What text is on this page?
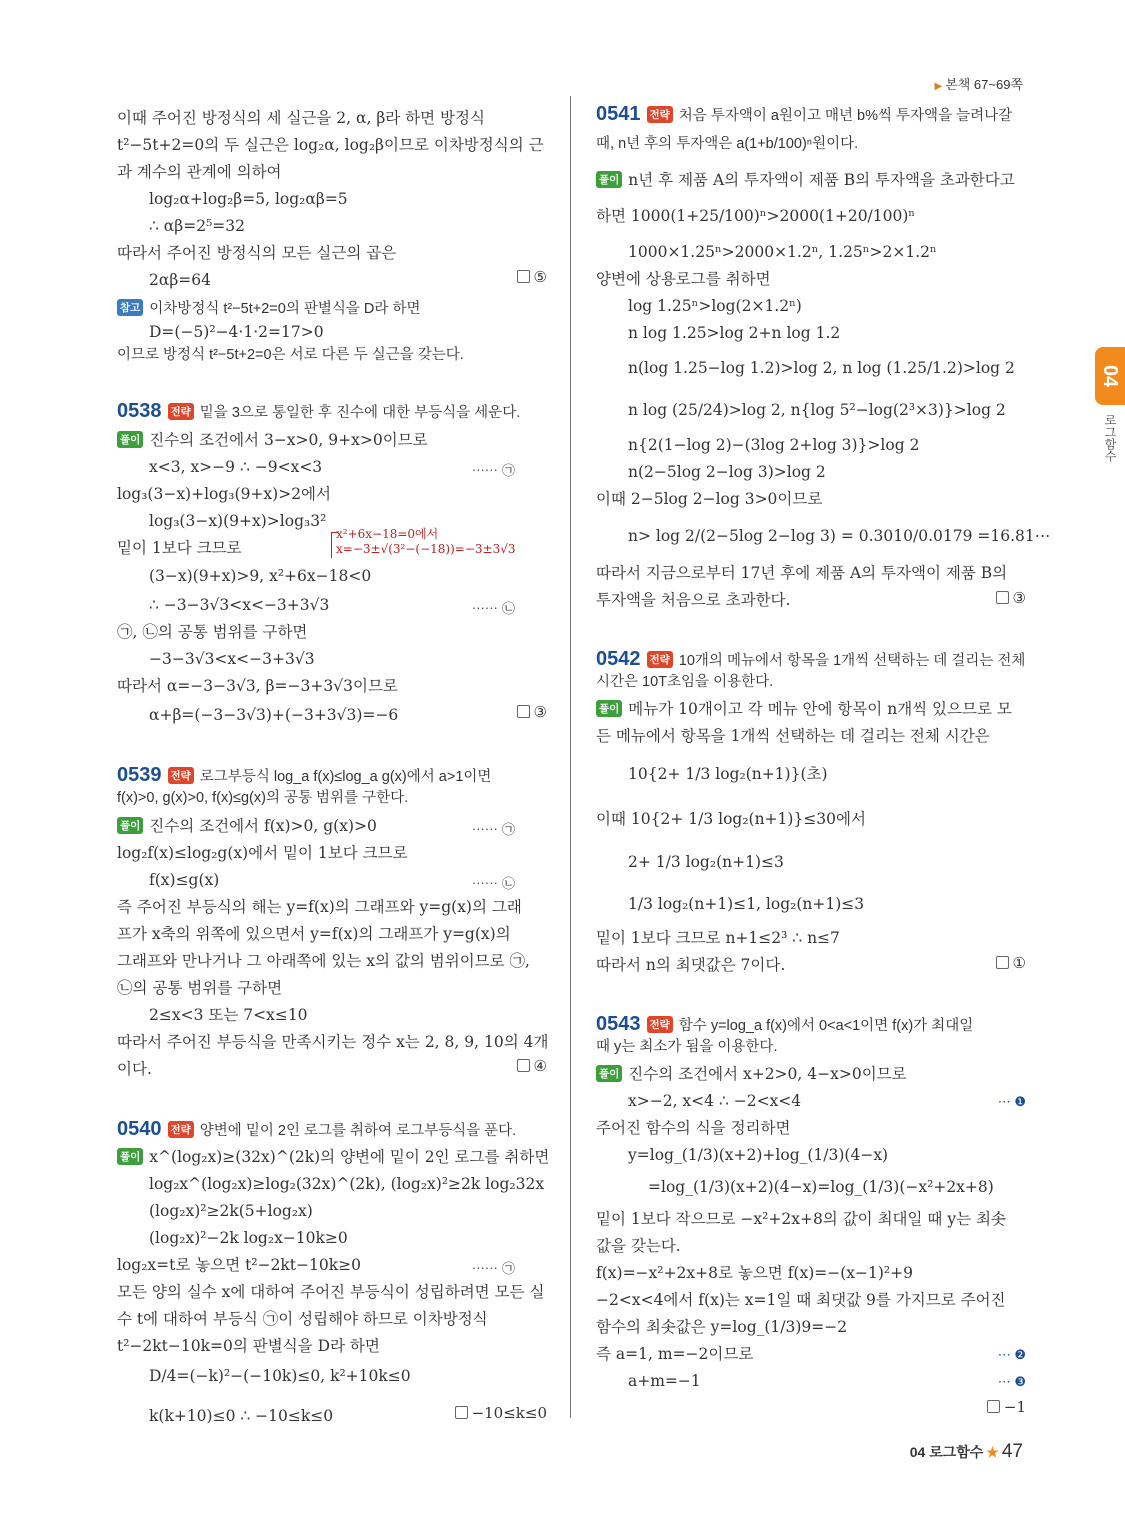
▶ 본책 67~69쪽
이때 주어진 방정식의 세 실근을 2, α, β라 하면 방정식
t²−5t+2=0의 두 실근은 log₂α, log₂β이므로 이차방정식의 근
과 계수의 관계에 의하여
log₂α+log₂β=5, log₂αβ=5
∴ αβ=2⁵=32
따라서 주어진 방정식의 모든 실근의 곱은
2αβ=64
참고 이차방정식 t²−5t+2=0의 판별식을 D라 하면
D=(−5)²−4·1·2=17>0
이므로 방정식 t²−5t+2=0은 서로 다른 두 실근을 갖는다.
0538 전략 밑을 3으로 통일한 후 진수에 대한 부등식을 세운다.
풀이 진수의 조건에서 3−x>0, 9+x>0이므로
x<3, x>−9 ∴ −9<x<3
log₃(3−x)+log₃(9+x)>2에서
log₃(3−x)(9+x)>log₃3²
밑이 1보다 크므로
(3−x)(9+x)>9, x²+6x−18<0
∴ −3−3√3<x<−3+3√3
㉠, ㉡의 공통 범위를 구하면
−3−3√3<x<−3+3√3
따라서 α=−3−3√3, β=−3+3√3이므로
α+β=(−3−3√3)+(−3+3√3)=−6
0539 전략 로그부등식 log_a f(x)≤log_a g(x)에서 a>1이면
f(x)>0, g(x)>0, f(x)≤g(x)의 공통 범위를 구한다.
풀이 진수의 조건에서 f(x)>0, g(x)>0
log₂f(x)≤log₂g(x)에서 밑이 1보다 크므로
f(x)≤g(x)
즉 주어진 부등식의 해는 y=f(x)의 그래프와 y=g(x)의 그래
프가 x축의 위쪽에 있으면서 y=f(x)의 그래프가 y=g(x)의
그래프와 만나거나 그 아래쪽에 있는 x의 값의 범위이므로 ㉠,
㉡의 공통 범위를 구하면
2≤x<3 또는 7<x≤10
따라서 주어진 부등식을 만족시키는 정수 x는 2, 8, 9, 10의 4개
이다.
0540 전략 양변에 밑이 2인 로그를 취하여 로그부등식을 푼다.
풀이 x^(log₂x)≥(32x)^(2k)의 양변에 밑이 2인 로그를 취하면
log₂x^(log₂x)≥log₂(32x)^(2k), (log₂x)²≥2k log₂32x
(log₂x)²≥2k(5+log₂x)
(log₂x)²−2k log₂x−10k≥0
log₂x=t로 놓으면 t²−2kt−10k≥0
모든 양의 실수 x에 대하여 주어진 부등식이 성립하려면 모든 실
수 t에 대하여 부등식 ㉠이 성립해야 하므로 이차방정식
t²−2kt−10k=0의 판별식을 D라 하면
D/4=(−k)²−(−10k)≤0, k²+10k≤0
k(k+10)≤0 ∴ −10≤k≤0
⑤
③
④
−10≤k≤0
⋯⋯ ㉠
⋯⋯ ㉡
⋯⋯ ㉠
⋯⋯ ㉡
⋯⋯ ㉠
0541 전략 처음 투자액이 a원이고 매년 b%씩 투자액을 늘려나갈
때, n년 후의 투자액은 a(1+b/100)ⁿ원이다.
풀이 n년 후 제품 A의 투자액이 제품 B의 투자액을 초과한다고
하면 1000(1+25/100)ⁿ>2000(1+20/100)ⁿ
1000×1.25ⁿ>2000×1.2ⁿ, 1.25ⁿ>2×1.2ⁿ
양변에 상용로그를 취하면
log 1.25ⁿ>log(2×1.2ⁿ)
n log 1.25>log 2+n log 1.2
n(log 1.25−log 1.2)>log 2, n log (1.25/1.2)>log 2
n log (25/24)>log 2, n{log 5²−log(2³×3)}>log 2
n{2(1−log 2)−(3log 2+log 3)}>log 2
n(2−5log 2−log 3)>log 2
이때 2−5log 2−log 3>0이므로
n> log 2/(2−5log 2−log 3) = 0.3010/0.0179 =16.81⋯
따라서 지금으로부터 17년 후에 제품 A의 투자액이 제품 B의
투자액을 처음으로 초과한다.
0542 전략 10개의 메뉴에서 항목을 1개씩 선택하는 데 걸리는 전체
시간은 10T초임을 이용한다.
풀이 메뉴가 10개이고 각 메뉴 안에 항목이 n개씩 있으므로 모
든 메뉴에서 항목을 1개씩 선택하는 데 걸리는 전체 시간은
10{2+ 1/3 log₂(n+1)}(초)
이때 10{2+ 1/3 log₂(n+1)}≤30에서
2+ 1/3 log₂(n+1)≤3
1/3 log₂(n+1)≤1, log₂(n+1)≤3
밑이 1보다 크므로 n+1≤2³ ∴ n≤7
따라서 n의 최댓값은 7이다.
0543 전략 함수 y=log_a f(x)에서 0<a<1이면 f(x)가 최대일
때 y는 최소가 됨을 이용한다.
풀이 진수의 조건에서 x+2>0, 4−x>0이므로
x>−2, x<4 ∴ −2<x<4
주어진 함수의 식을 정리하면
y=log_(1/3)(x+2)+log_(1/3)(4−x)
=log_(1/3)(x+2)(4−x)=log_(1/3)(−x²+2x+8)
밑이 1보다 작으므로 −x²+2x+8의 값이 최대일 때 y는 최솟
값을 갖는다.
f(x)=−x²+2x+8로 놓으면 f(x)=−(x−1)²+9
−2<x<4에서 f(x)는 x=1일 때 최댓값 9를 가지므로 주어진
함수의 최솟값은 y=log_(1/3)9=−2
즉 a=1, m=−2이므로
a+m=−1
③
①
−1
⋯ ❶
⋯ ❷
⋯ ❸
x²+6x−18=0에서
x=−3±√(3²−(−18))=−3±3√3
04
로그함수
04 로그함수 ★ 47
